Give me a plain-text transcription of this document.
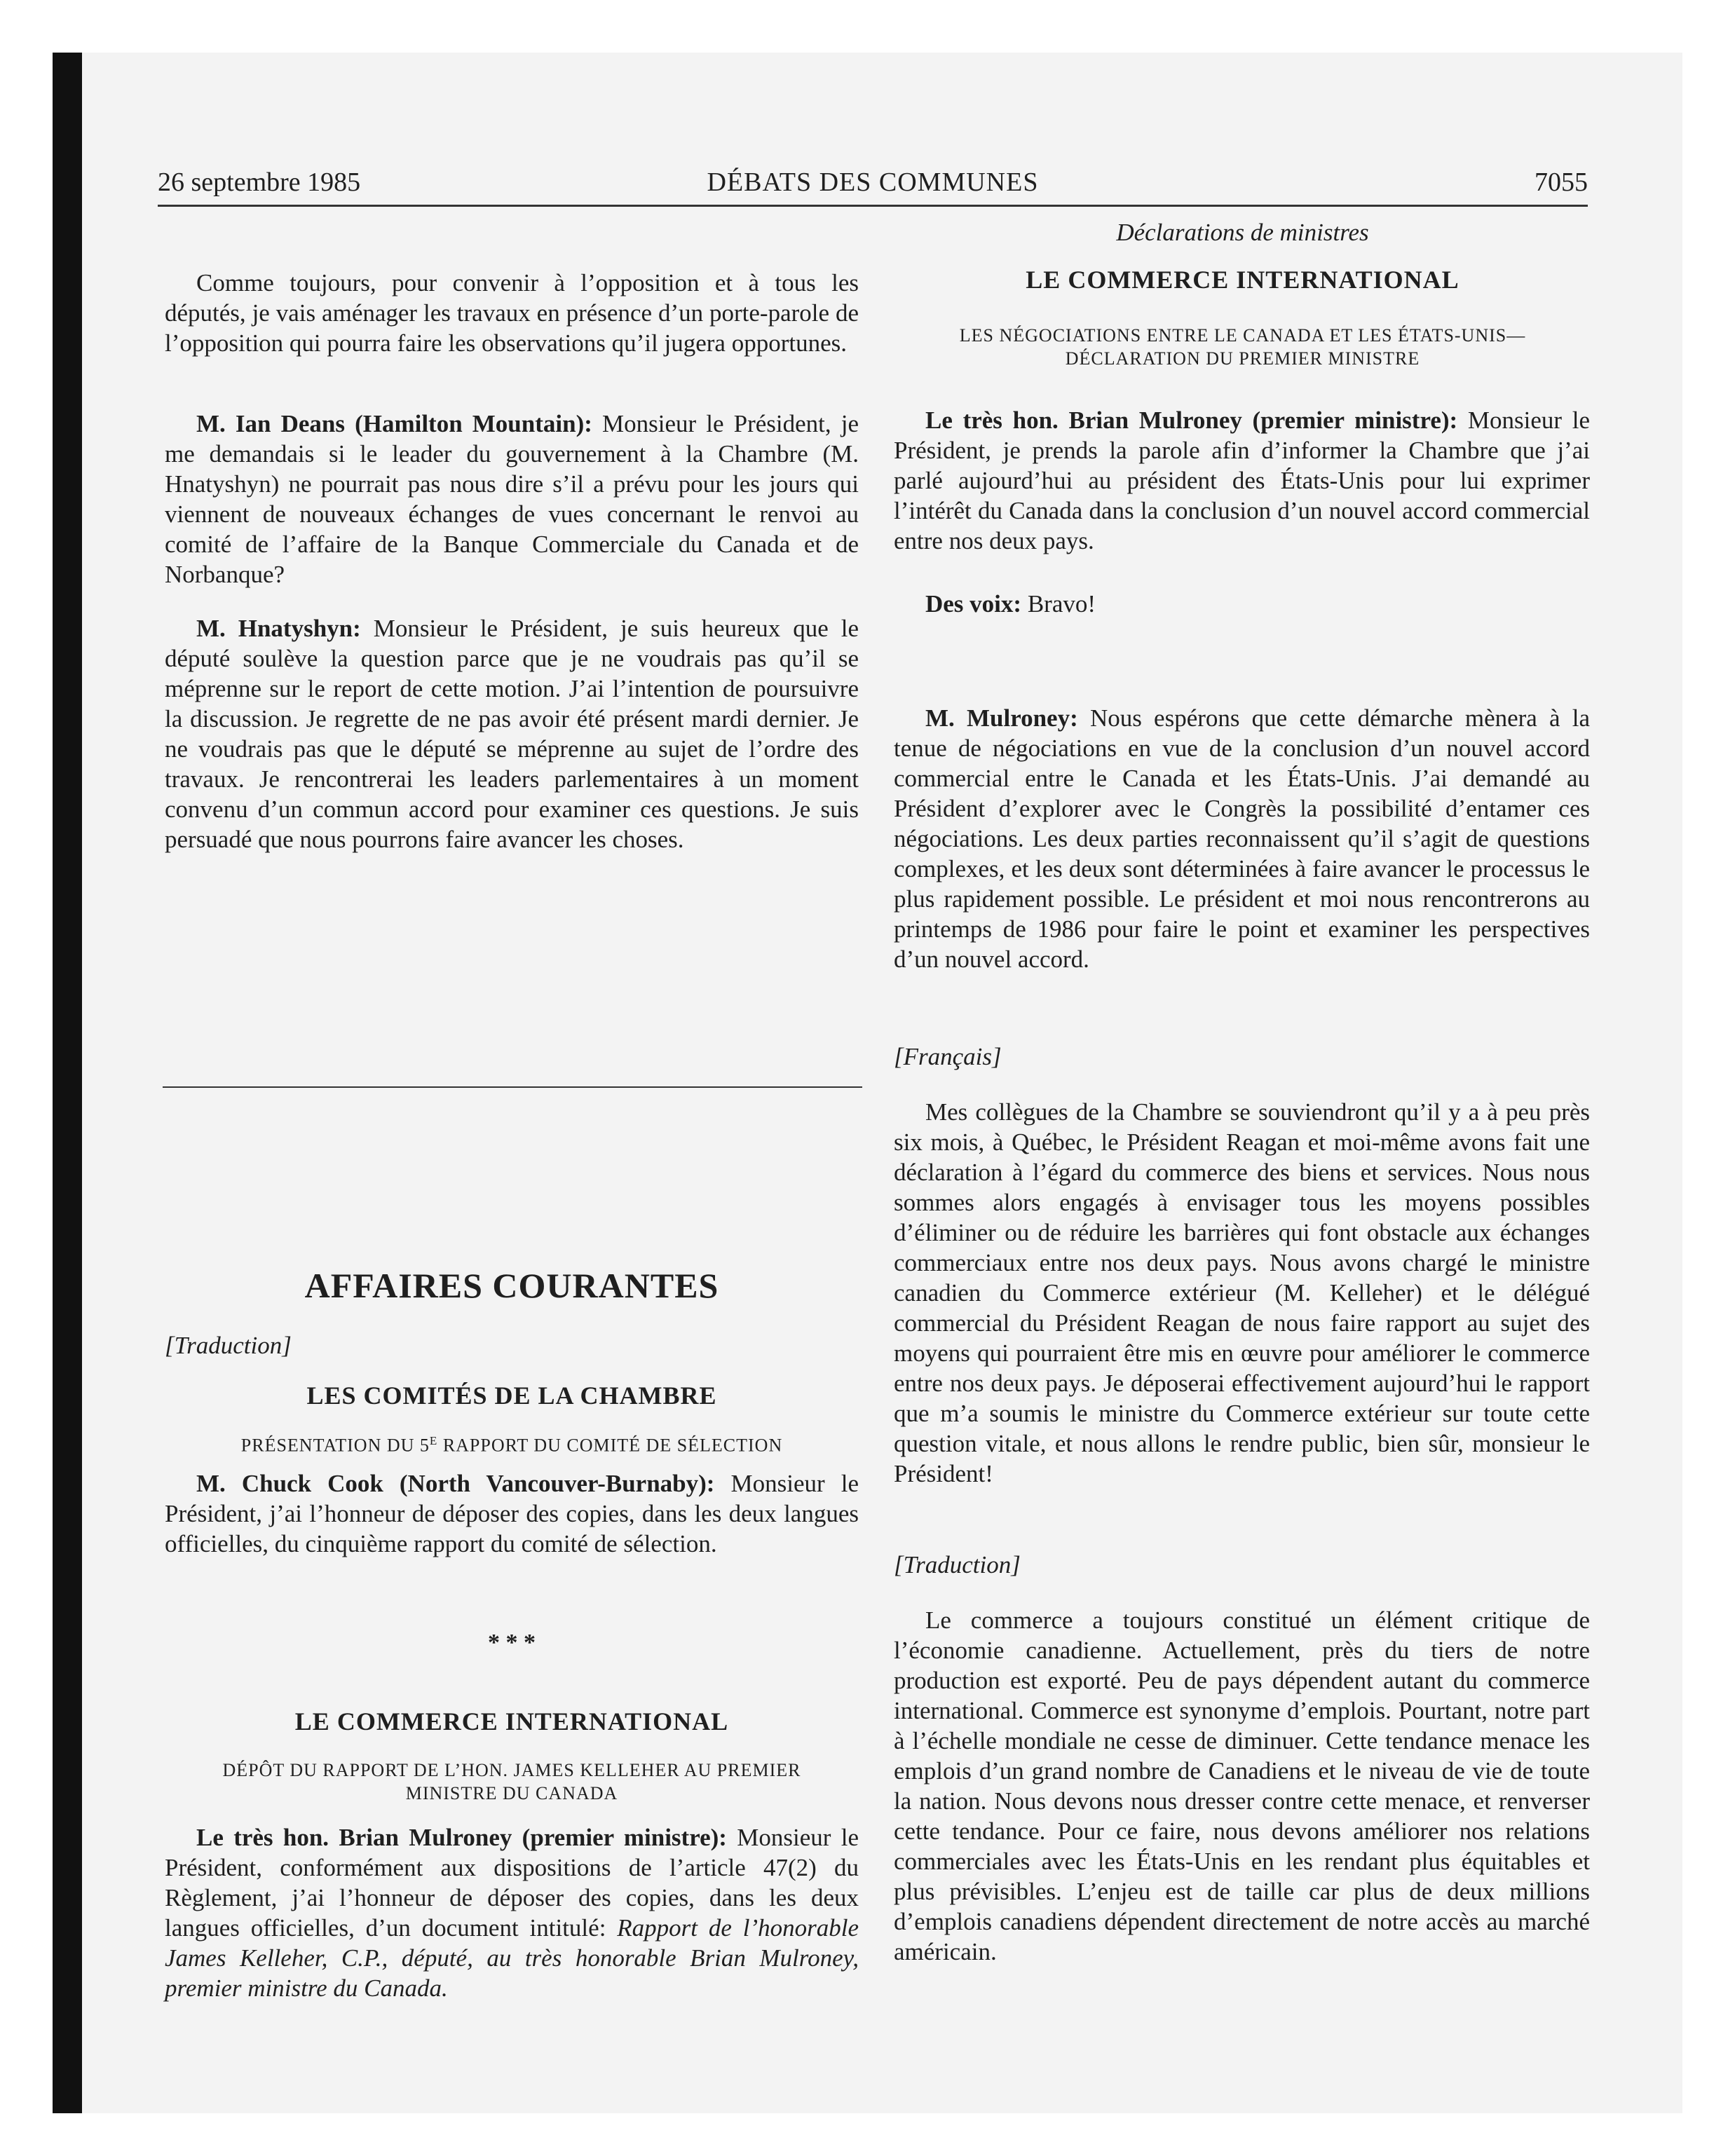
26 septembre 1985	DÉBATS DES COMMUNES	7055

Comme toujours, pour convenir à l’opposition et à tous les députés, je vais aménager les travaux en présence d’un porte-parole de l’opposition qui pourra faire les observations qu’il jugera opportunes.

M. Ian Deans (Hamilton Mountain): Monsieur le Président, je me demandais si le leader du gouvernement à la Chambre (M. Hnatyshyn) ne pourrait pas nous dire s’il a prévu pour les jours qui viennent de nouveaux échanges de vues concernant le renvoi au comité de l’affaire de la Banque Commerciale du Canada et de Norbanque?

M. Hnatyshyn: Monsieur le Président, je suis heureux que le député soulève la question parce que je ne voudrais pas qu’il se méprenne sur le report de cette motion. J’ai l’intention de poursuivre la discussion. Je regrette de ne pas avoir été présent mardi dernier. Je ne voudrais pas que le député se méprenne au sujet de l’ordre des travaux. Je rencontrerai les leaders parlementaires à un moment convenu d’un commun accord pour examiner ces questions. Je suis persuadé que nous pourrons faire avancer les choses.

AFFAIRES COURANTES

[Traduction]

LES COMITÉS DE LA CHAMBRE

PRÉSENTATION DU $5^E$ RAPPORT DU COMITÉ DE SÉLECTION

M. Chuck Cook (North Vancouver-Burnaby): Monsieur le Président, j’ai l’honneur de déposer des copies, dans les deux langues officielles, du cinquième rapport du comité de sélection.

* * *

LE COMMERCE INTERNATIONAL

DÉPÔT DU RAPPORT DE L’HON. JAMES KELLEHER AU PREMIER

MINISTRE DU CANADA

Le très hon. Brian Mulroney (premier ministre): Monsieur le Président, conformément aux dispositions de l’article 47(2) du Règlement, j’ai l’honneur de déposer des copies, dans les deux langues officielles, d’un document intitulé: Rapport de l’honorable James Kelleher, C.P., député, au très honorable Brian Mulroney, premier ministre du Canada.

Déclarations de ministres

LE COMMERCE INTERNATIONAL

LES NÉGOCIATIONS ENTRE LE CANADA ET LES ÉTATS-UNIS—

DÉCLARATION DU PREMIER MINISTRE

Le très hon. Brian Mulroney (premier ministre): Monsieur le Président, je prends la parole afin d’informer la Chambre que j’ai parlé aujourd’hui au président des États-Unis pour lui exprimer l’intérêt du Canada dans la conclusion d’un nouvel accord commercial entre nos deux pays.

Des voix: Bravo!

M. Mulroney: Nous espérons que cette démarche mènera à la tenue de négociations en vue de la conclusion d’un nouvel accord commercial entre le Canada et les États-Unis. J’ai demandé au Président d’explorer avec le Congrès la possibilité d’entamer ces négociations. Les deux parties reconnaissent qu’il s’agit de questions complexes, et les deux sont déterminées à faire avancer le processus le plus rapidement possible. Le président et moi nous rencontrerons au printemps de 1986 pour faire le point et examiner les perspectives d’un nouvel accord.

[Français]

Mes collègues de la Chambre se souviendront qu’il y a à peu près six mois, à Québec, le Président Reagan et moi-même avons fait une déclaration à l’égard du commerce des biens et services. Nous nous sommes alors engagés à envisager tous les moyens possibles d’éliminer ou de réduire les barrières qui font obstacle aux échanges commerciaux entre nos deux pays. Nous avons chargé le ministre canadien du Commerce extérieur (M. Kelleher) et le délégué commercial du Président Reagan de nous faire rapport au sujet des moyens qui pourraient être mis en œuvre pour améliorer le commerce entre nos deux pays. Je déposerai effectivement aujourd’hui le rapport que m’a soumis le ministre du Commerce extérieur sur toute cette question vitale, et nous allons le rendre public, bien sûr, monsieur le Président!

[Traduction]

Le commerce a toujours constitué un élément critique de l’économie canadienne. Actuellement, près du tiers de notre production est exporté. Peu de pays dépendent autant du commerce international. Commerce est synonyme d’emplois. Pourtant, notre part à l’échelle mondiale ne cesse de diminuer. Cette tendance menace les emplois d’un grand nombre de Canadiens et le niveau de vie de toute la nation. Nous devons nous dresser contre cette menace, et renverser cette tendance. Pour ce faire, nous devons améliorer nos relations commerciales avec les États-Unis en les rendant plus équitables et plus prévisibles. L’enjeu est de taille car plus de deux millions d’emplois canadiens dépendent directement de notre accès au marché américain.
